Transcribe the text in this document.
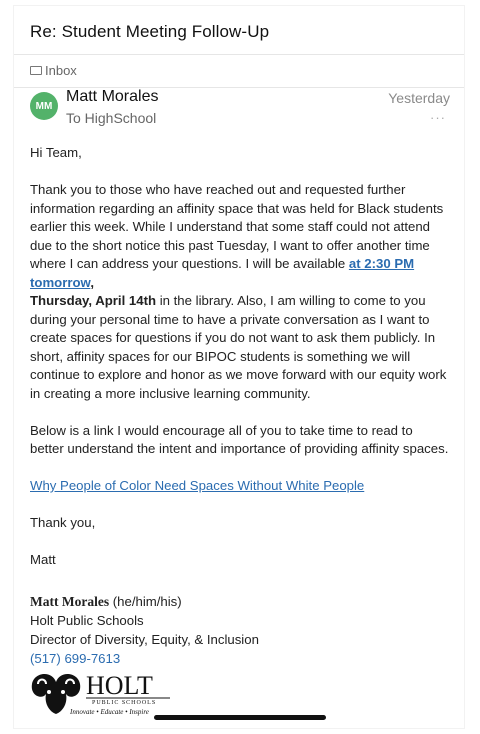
Re: Student Meeting Follow-Up
Inbox
MM
Matt Morales
To HighSchool
Yesterday
···

Hi Team,

Thank you to those who have reached out and requested further information regarding an affinity space that was held for Black students earlier this week. While I understand that some staff could not attend due to the short notice this past Tuesday, I want to offer another time where I can address your questions. I will be available at 2:30 PM tomorrow,
Thursday, April 14th in the library. Also, I am willing to come to you during your personal time to have a private conversation as I want to create spaces for questions if you do not want to ask them publicly. In short, affinity spaces for our BIPOC students is something we will continue to explore and honor as we move forward with our equity work in creating a more inclusive learning community.

Below is a link I would encourage all of you to take time to read to better understand the intent and importance of providing affinity spaces.

Why People of Color Need Spaces Without White People

Thank you,

Matt

Matt Morales (he/him/his)
Holt Public Schools
Director of Diversity, Equity, & Inclusion
(517) 699-7613
HOLT
PUBLIC SCHOOLS
Innovate • Educate • Inspire
